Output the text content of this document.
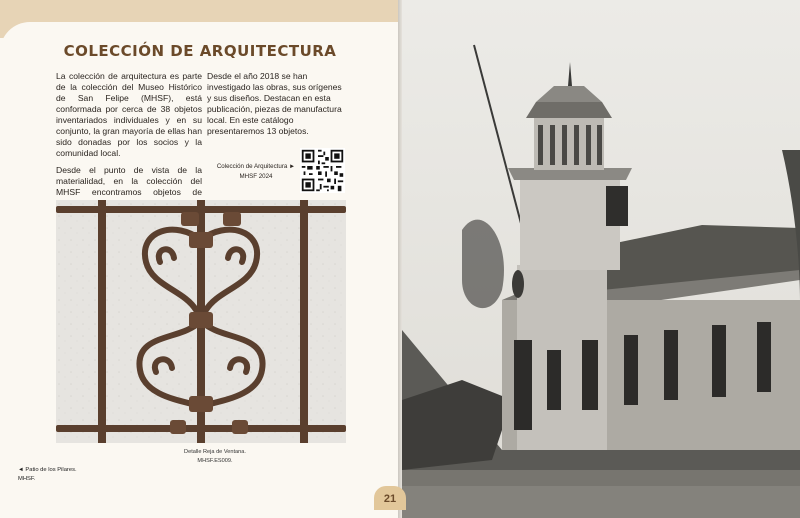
COLECCIÓN DE ARQUITECTURA

La colección de arquitectura es parte de la colección del Museo Histórico de San Felipe (MHSF), está conformada por cerca de 38 objetos inventariados individuales y en su conjunto, la gran mayoría de ellas han sido donadas por los socios y la comunidad local.

Desde el punto de vista de la materialidad, en la colección del MHSF encontramos objetos de

Desde el año 2018 se han investigado las obras, sus orígenes y sus diseños. Destacan en esta publicación, piezas de manufactura local. En este catálogo presentaremos 13 objetos.

Colección de Arquitectura ►
MHSF 2024
Detalle Reja de Ventana.
MHSF.ES009.
◄ Patio de los Pilares.
MHSF.
21
